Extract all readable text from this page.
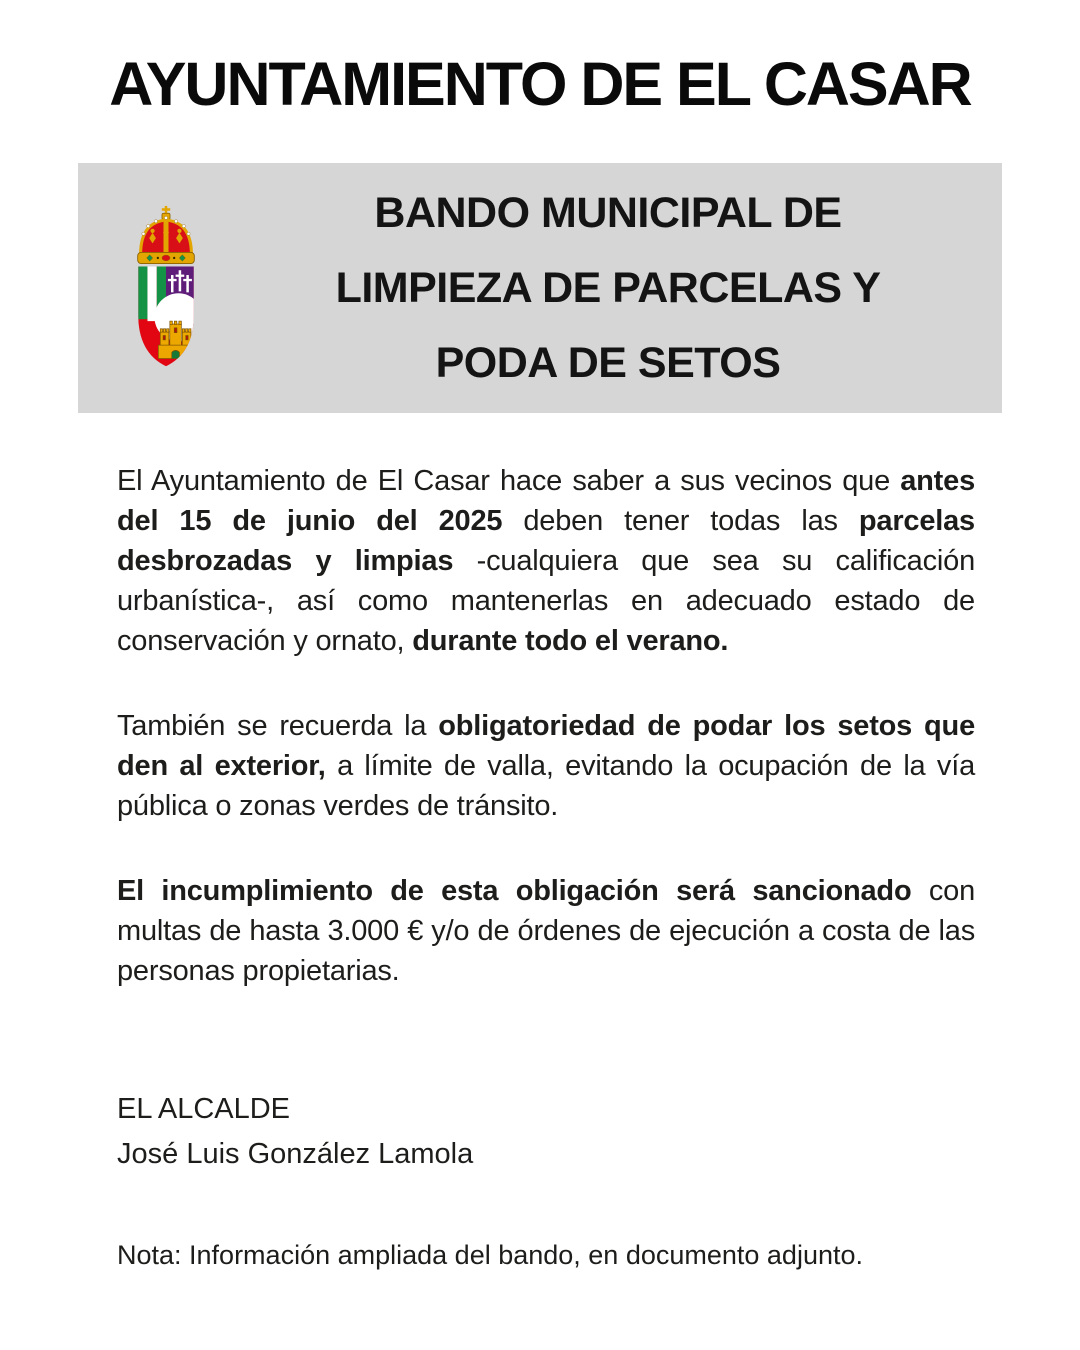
AYUNTAMIENTO DE EL CASAR
BANDO MUNICIPAL DE LIMPIEZA DE PARCELAS Y PODA DE SETOS

El Ayuntamiento de El Casar hace saber a sus vecinos que antes del 15 de junio del 2025 deben tener todas las parcelas desbrozadas y limpias -cualquiera que sea su calificación urbanística-, así como mantenerlas en adecuado estado de conservación y ornato, durante todo el verano.

También se recuerda la obligatoriedad de podar los setos que den al exterior, a límite de valla, evitando la ocupación de la vía pública o zonas verdes de tránsito.

El incumplimiento de esta obligación será sancionado con multas de hasta 3.000 € y/o de órdenes de ejecución a costa de las personas propietarias.

EL ALCALDE
José Luis González Lamola
Nota: Información ampliada del bando, en documento adjunto.
